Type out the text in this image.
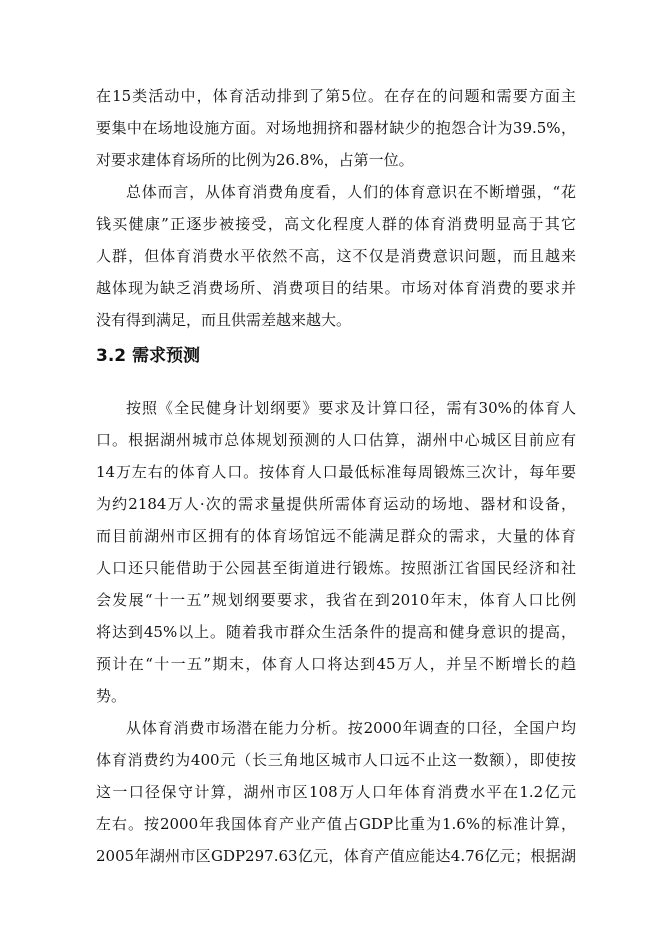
在15类活动中，体育活动排到了第5位。在存在的问题和需要方面主
要集中在场地设施方面。对场地拥挤和器材缺少的抱怨合计为39.5%，
对要求建体育场所的比例为26.8%，占第一位。
总体而言，从体育消费角度看，人们的体育意识在不断增强，“花
钱买健康”正逐步被接受，高文化程度人群的体育消费明显高于其它
人群，但体育消费水平依然不高，这不仅是消费意识问题，而且越来
越体现为缺乏消费场所、消费项目的结果。市场对体育消费的要求并
没有得到满足，而且供需差越来越大。
3.2 需求预测
按照《全民健身计划纲要》要求及计算口径，需有30%的体育人
口。根据湖州城市总体规划预测的人口估算，湖州中心城区目前应有
14万左右的体育人口。按体育人口最低标准每周锻炼三次计，每年要
为约2184万人·次的需求量提供所需体育运动的场地、器材和设备，
而目前湖州市区拥有的体育场馆远不能满足群众的需求，大量的体育
人口还只能借助于公园甚至街道进行锻炼。按照浙江省国民经济和社
会发展“十一五”规划纲要要求，我省在到2010年末，体育人口比例
将达到45%以上。随着我市群众生活条件的提高和健身意识的提高，
预计在“十一五”期末，体育人口将达到45万人，并呈不断增长的趋
势。
从体育消费市场潜在能力分析。按2000年调查的口径，全国户均
体育消费约为400元（长三角地区城市人口远不止这一数额），即使按
这一口径保守计算，湖州市区108万人口年体育消费水平在1.2亿元
左右。按2000年我国体育产业产值占GDP比重为1.6%的标准计算，
2005年湖州市区GDP297.63亿元，体育产值应能达4.76亿元；根据湖
